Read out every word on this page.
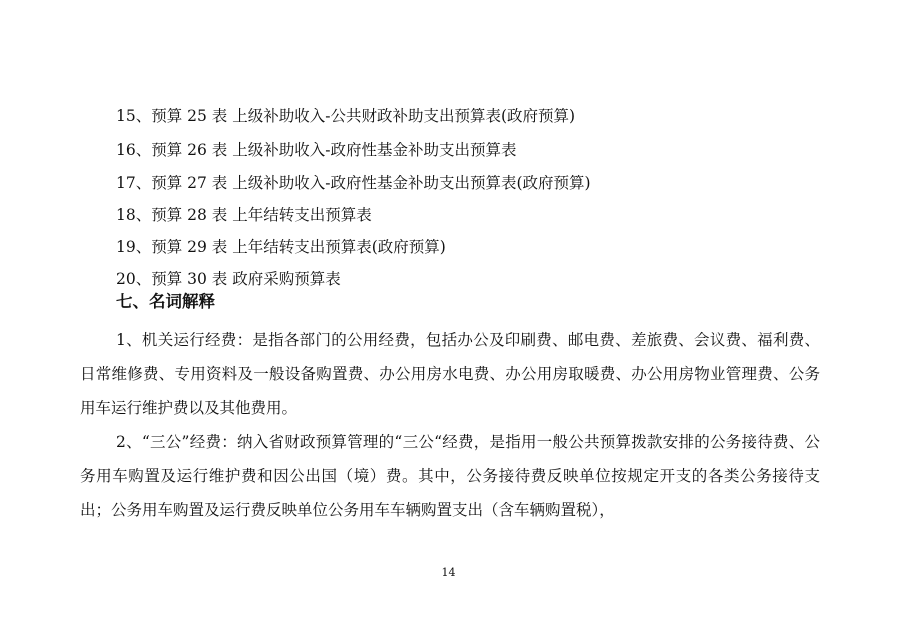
15、预算 25 表 上级补助收入-公共财政补助支出预算表(政府预算)
16、预算 26 表 上级补助收入-政府性基金补助支出预算表
17、预算 27 表 上级补助收入-政府性基金补助支出预算表(政府预算)
18、预算 28 表 上年结转支出预算表
19、预算 29 表 上年结转支出预算表(政府预算)
20、预算 30 表 政府采购预算表
七、名词解释
1、机关运行经费：是指各部门的公用经费，包括办公及印刷费、邮电费、差旅费、会议费、福利费、日常维修费、专用资料及一般设备购置费、办公用房水电费、办公用房取暖费、办公用房物业管理费、公务用车运行维护费以及其他费用。
2、“三公”经费：纳入省财政预算管理的“三公“经费，是指用一般公共预算拨款安排的公务接待费、公务用车购置及运行维护费和因公出国（境）费。其中，公务接待费反映单位按规定开支的各类公务接待支出；公务用车购置及运行费反映单位公务用车车辆购置支出（含车辆购置税），
14
